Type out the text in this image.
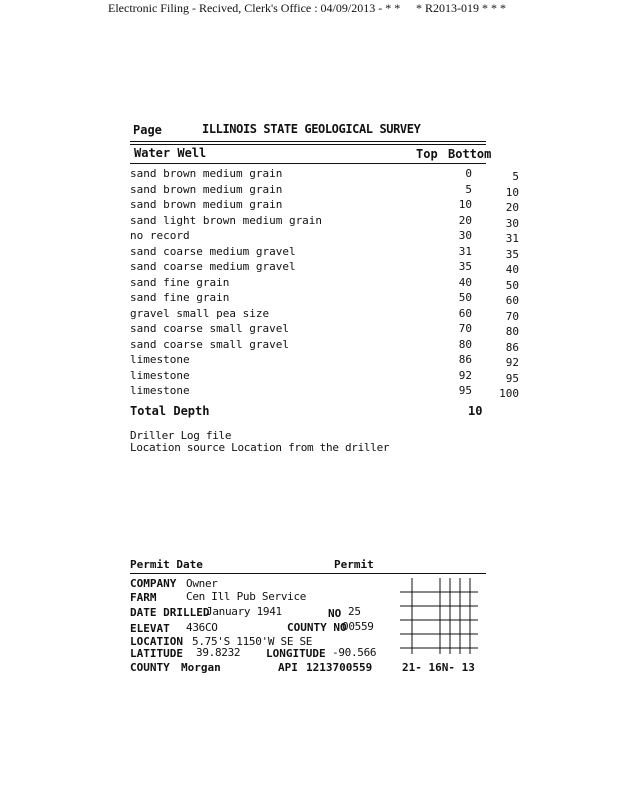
Electronic Filing - Recived, Clerk's Office : 04/09/2013 - * * * R2013-019 * * *
Page	ILLINOIS STATE GEOLOGICAL SURVEY
Water Well	Top Bottom
sand brown medium grain	0	5
sand brown medium grain	5	10
sand brown medium grain	10	20
sand light brown medium grain	20	30
no record	30	31
sand coarse medium gravel	31	35
sand coarse medium gravel	35	40
sand fine grain	40	50
sand fine grain	50	60
gravel small pea size	60	70
sand coarse small gravel	70	80
sand coarse small gravel	80	86
limestone	86	92
limestone	92	95
limestone	95	100
Total Depth	10
Driller Log file
Location source Location from the driller
Permit Date	Permit
COMPANY Owner
FARM	Cen Ill Pub Service
DATE DRILLED
January 1941	NO 25
ELEVAT 436CO	COUNTY NO
00559
LOCATION 5.75'S 1150'W SE SE
LATITUDE 39.8232 LONGITUDE -90.566
COUNTY Morgan	API 1213700559	21- 16N- 13
